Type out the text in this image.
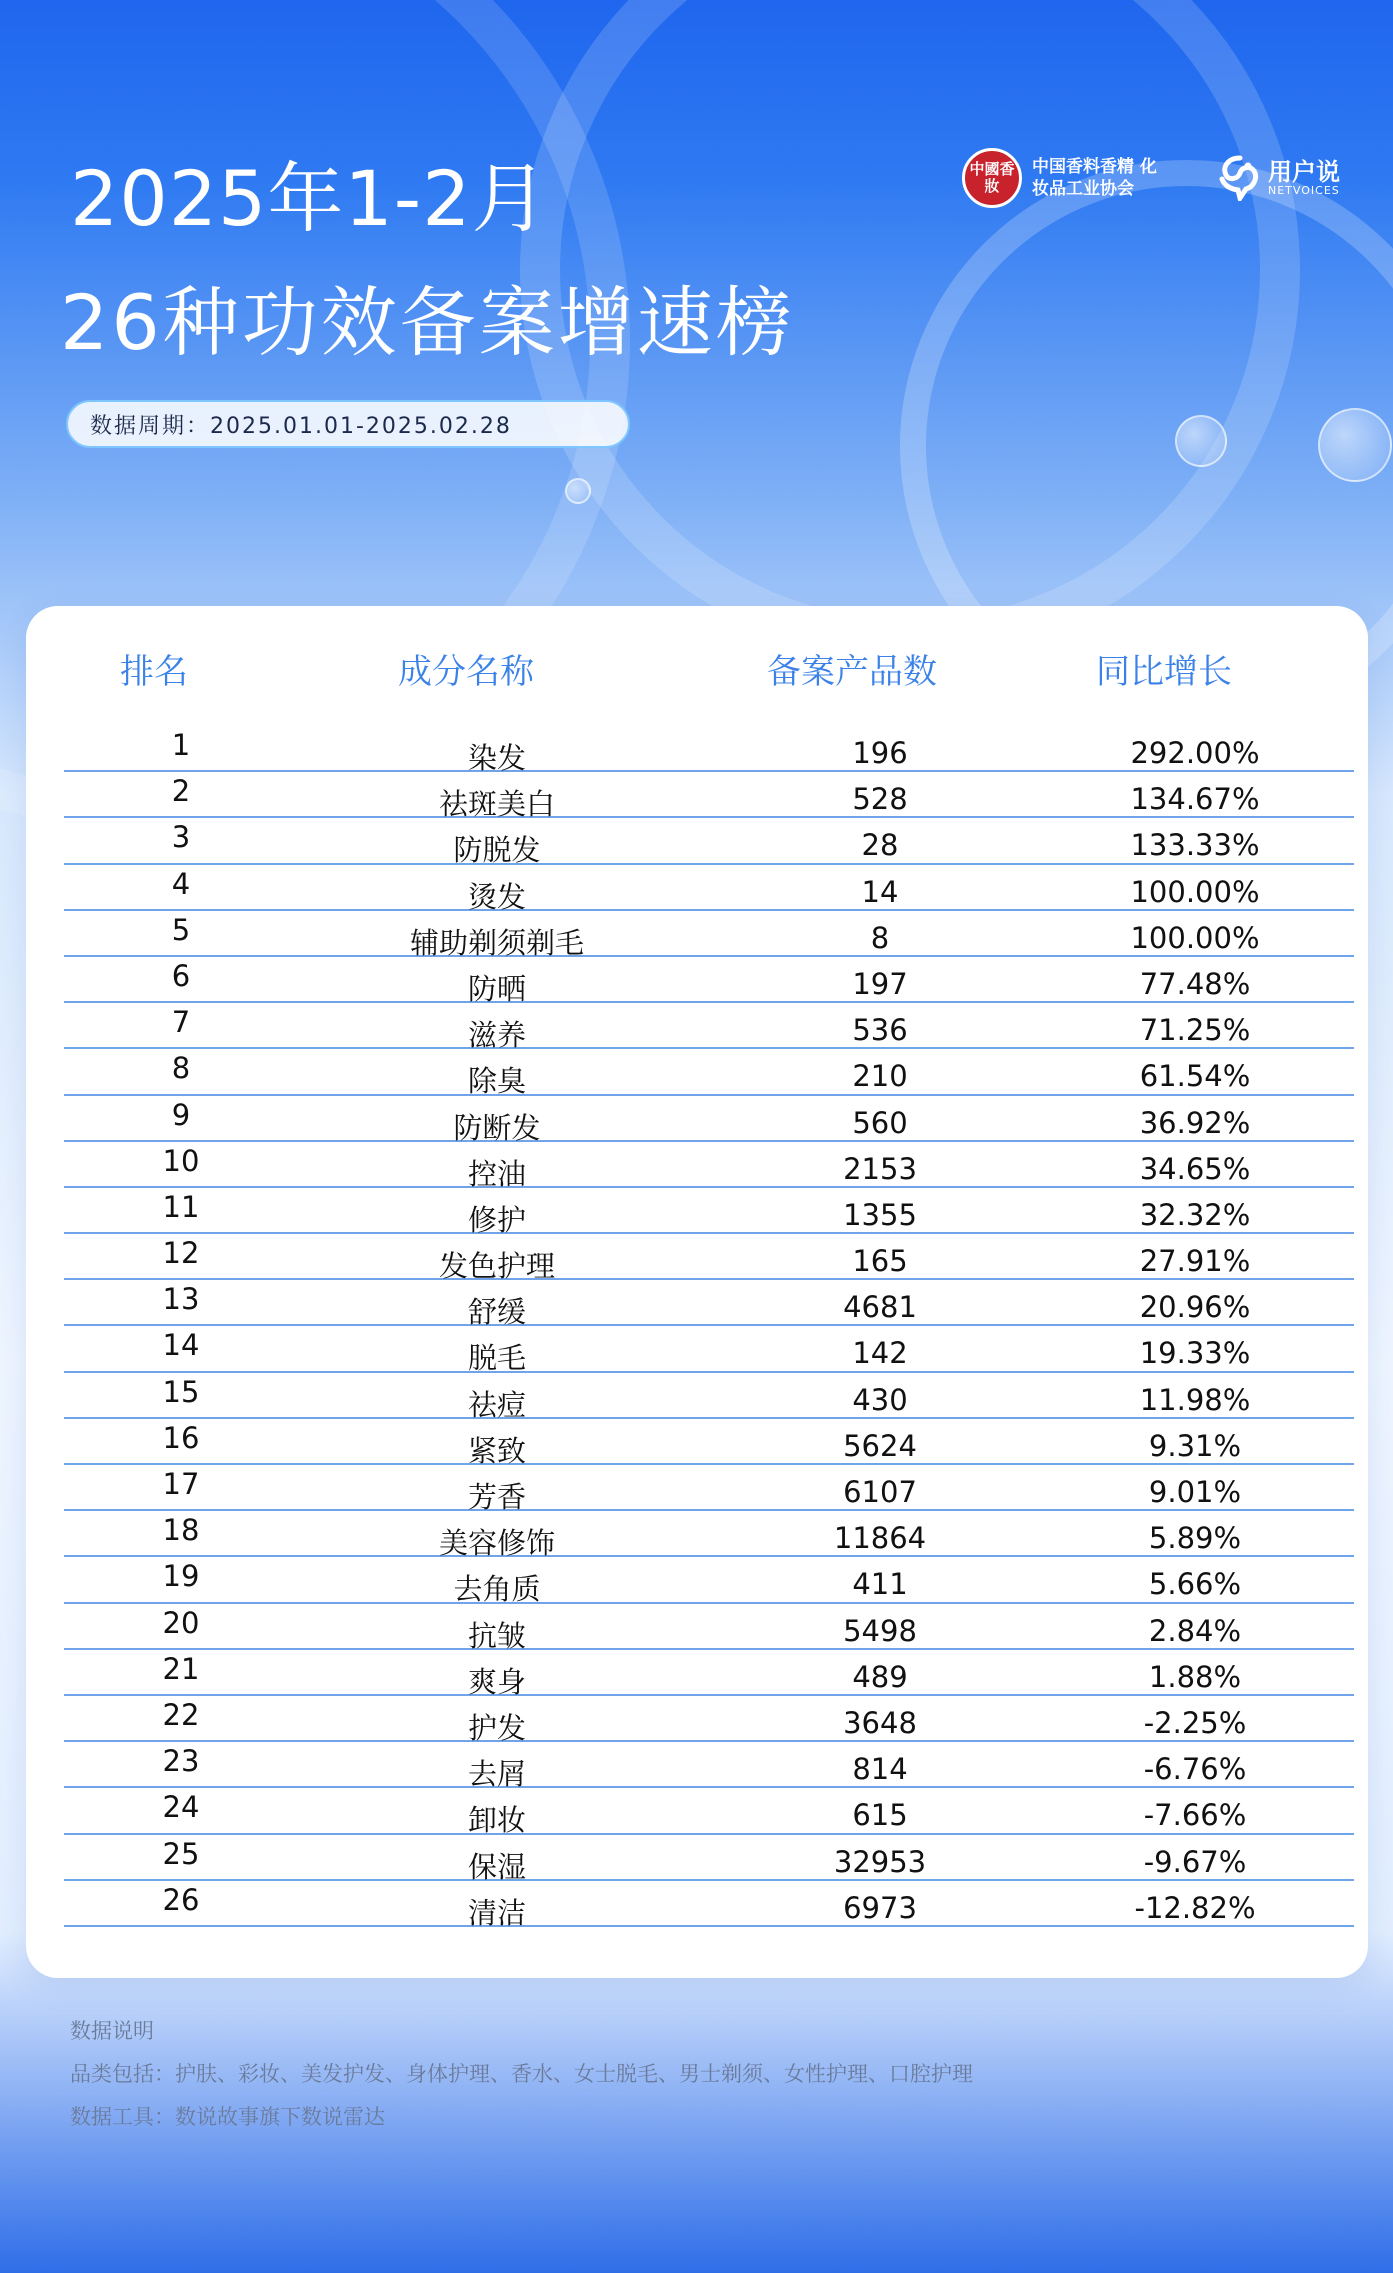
2025年1-2月
26种功效备案增速榜
数据周期：2025.01.01-2025.02.28
中國香妝
中国香料香精 化妆品工业协会
用户说
NETVOICES
排名	成分名称	备案产品数	同比增长
1	染发	196	292.00%
2	祛斑美白	528	134.67%
3	防脱发	28	133.33%
4	烫发	14	100.00%
5	辅助剃须剃毛	8	100.00%
6	防晒	197	77.48%
7	滋养	536	71.25%
8	除臭	210	61.54%
9	防断发	560	36.92%
10	控油	2153	34.65%
11	修护	1355	32.32%
12	发色护理	165	27.91%
13	舒缓	4681	20.96%
14	脱毛	142	19.33%
15	祛痘	430	11.98%
16	紧致	5624	9.31%
17	芳香	6107	9.01%
18	美容修饰	11864	5.89%
19	去角质	411	5.66%
20	抗皱	5498	2.84%
21	爽身	489	1.88%
22	护发	3648	-2.25%
23	去屑	814	-6.76%
24	卸妆	615	-7.66%
25	保湿	32953	-9.67%
26	清洁	6973	-12.82%
数据说明
品类包括：护肤、彩妆、美发护发、身体护理、香水、女士脱毛、男士剃须、女性护理、口腔护理
数据工具：数说故事旗下数说雷达
